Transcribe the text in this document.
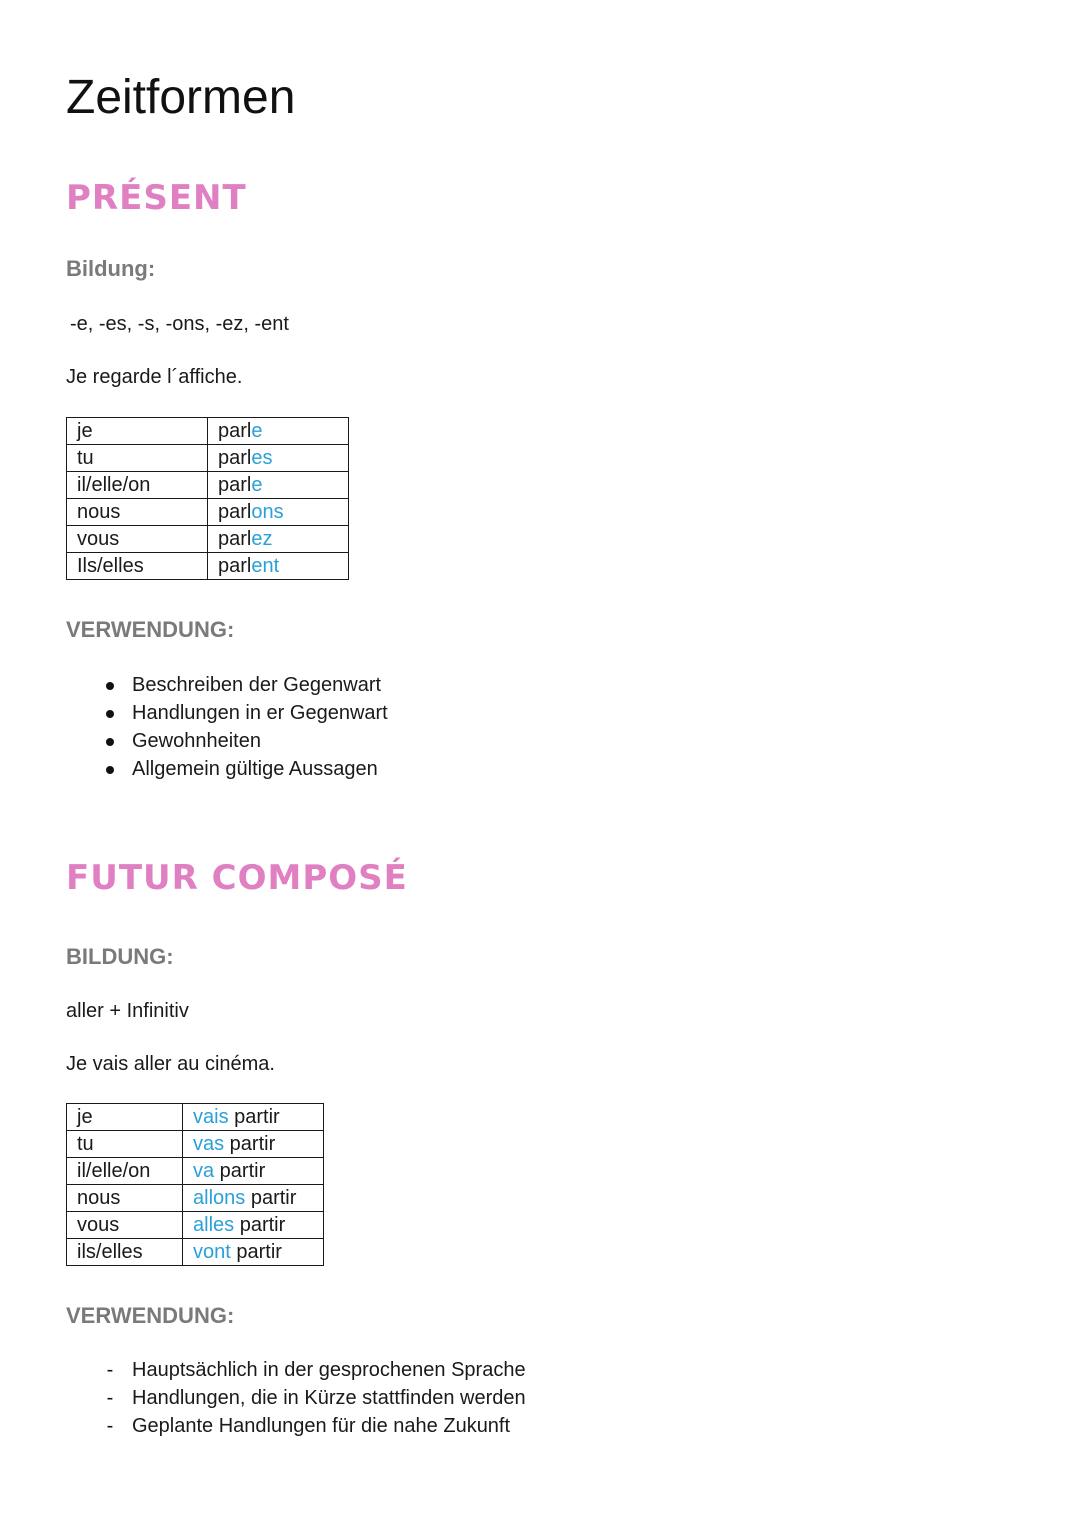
Zeitformen
PRÉSENT
Bildung:
-e, -es, -s, -ons, -ez, -ent
Je regarde l´affiche.
je	parle
tu	parles
il/elle/on	parle
nous	parlons
vous	parlez
Ils/elles	parlent
VERWENDUNG:
Beschreiben der Gegenwart
Handlungen in er Gegenwart
Gewohnheiten
Allgemein gültige Aussagen
FUTUR COMPOSÉ
BILDUNG:
aller + Infinitiv
Je vais aller au cinéma.
je	vais partir
tu	vas partir
il/elle/on	va partir
nous	allons partir
vous	alles partir
ils/elles	vont partir
VERWENDUNG:
- Hauptsächlich in der gesprochenen Sprache
- Handlungen, die in Kürze stattfinden werden
- Geplante Handlungen für die nahe Zukunft
